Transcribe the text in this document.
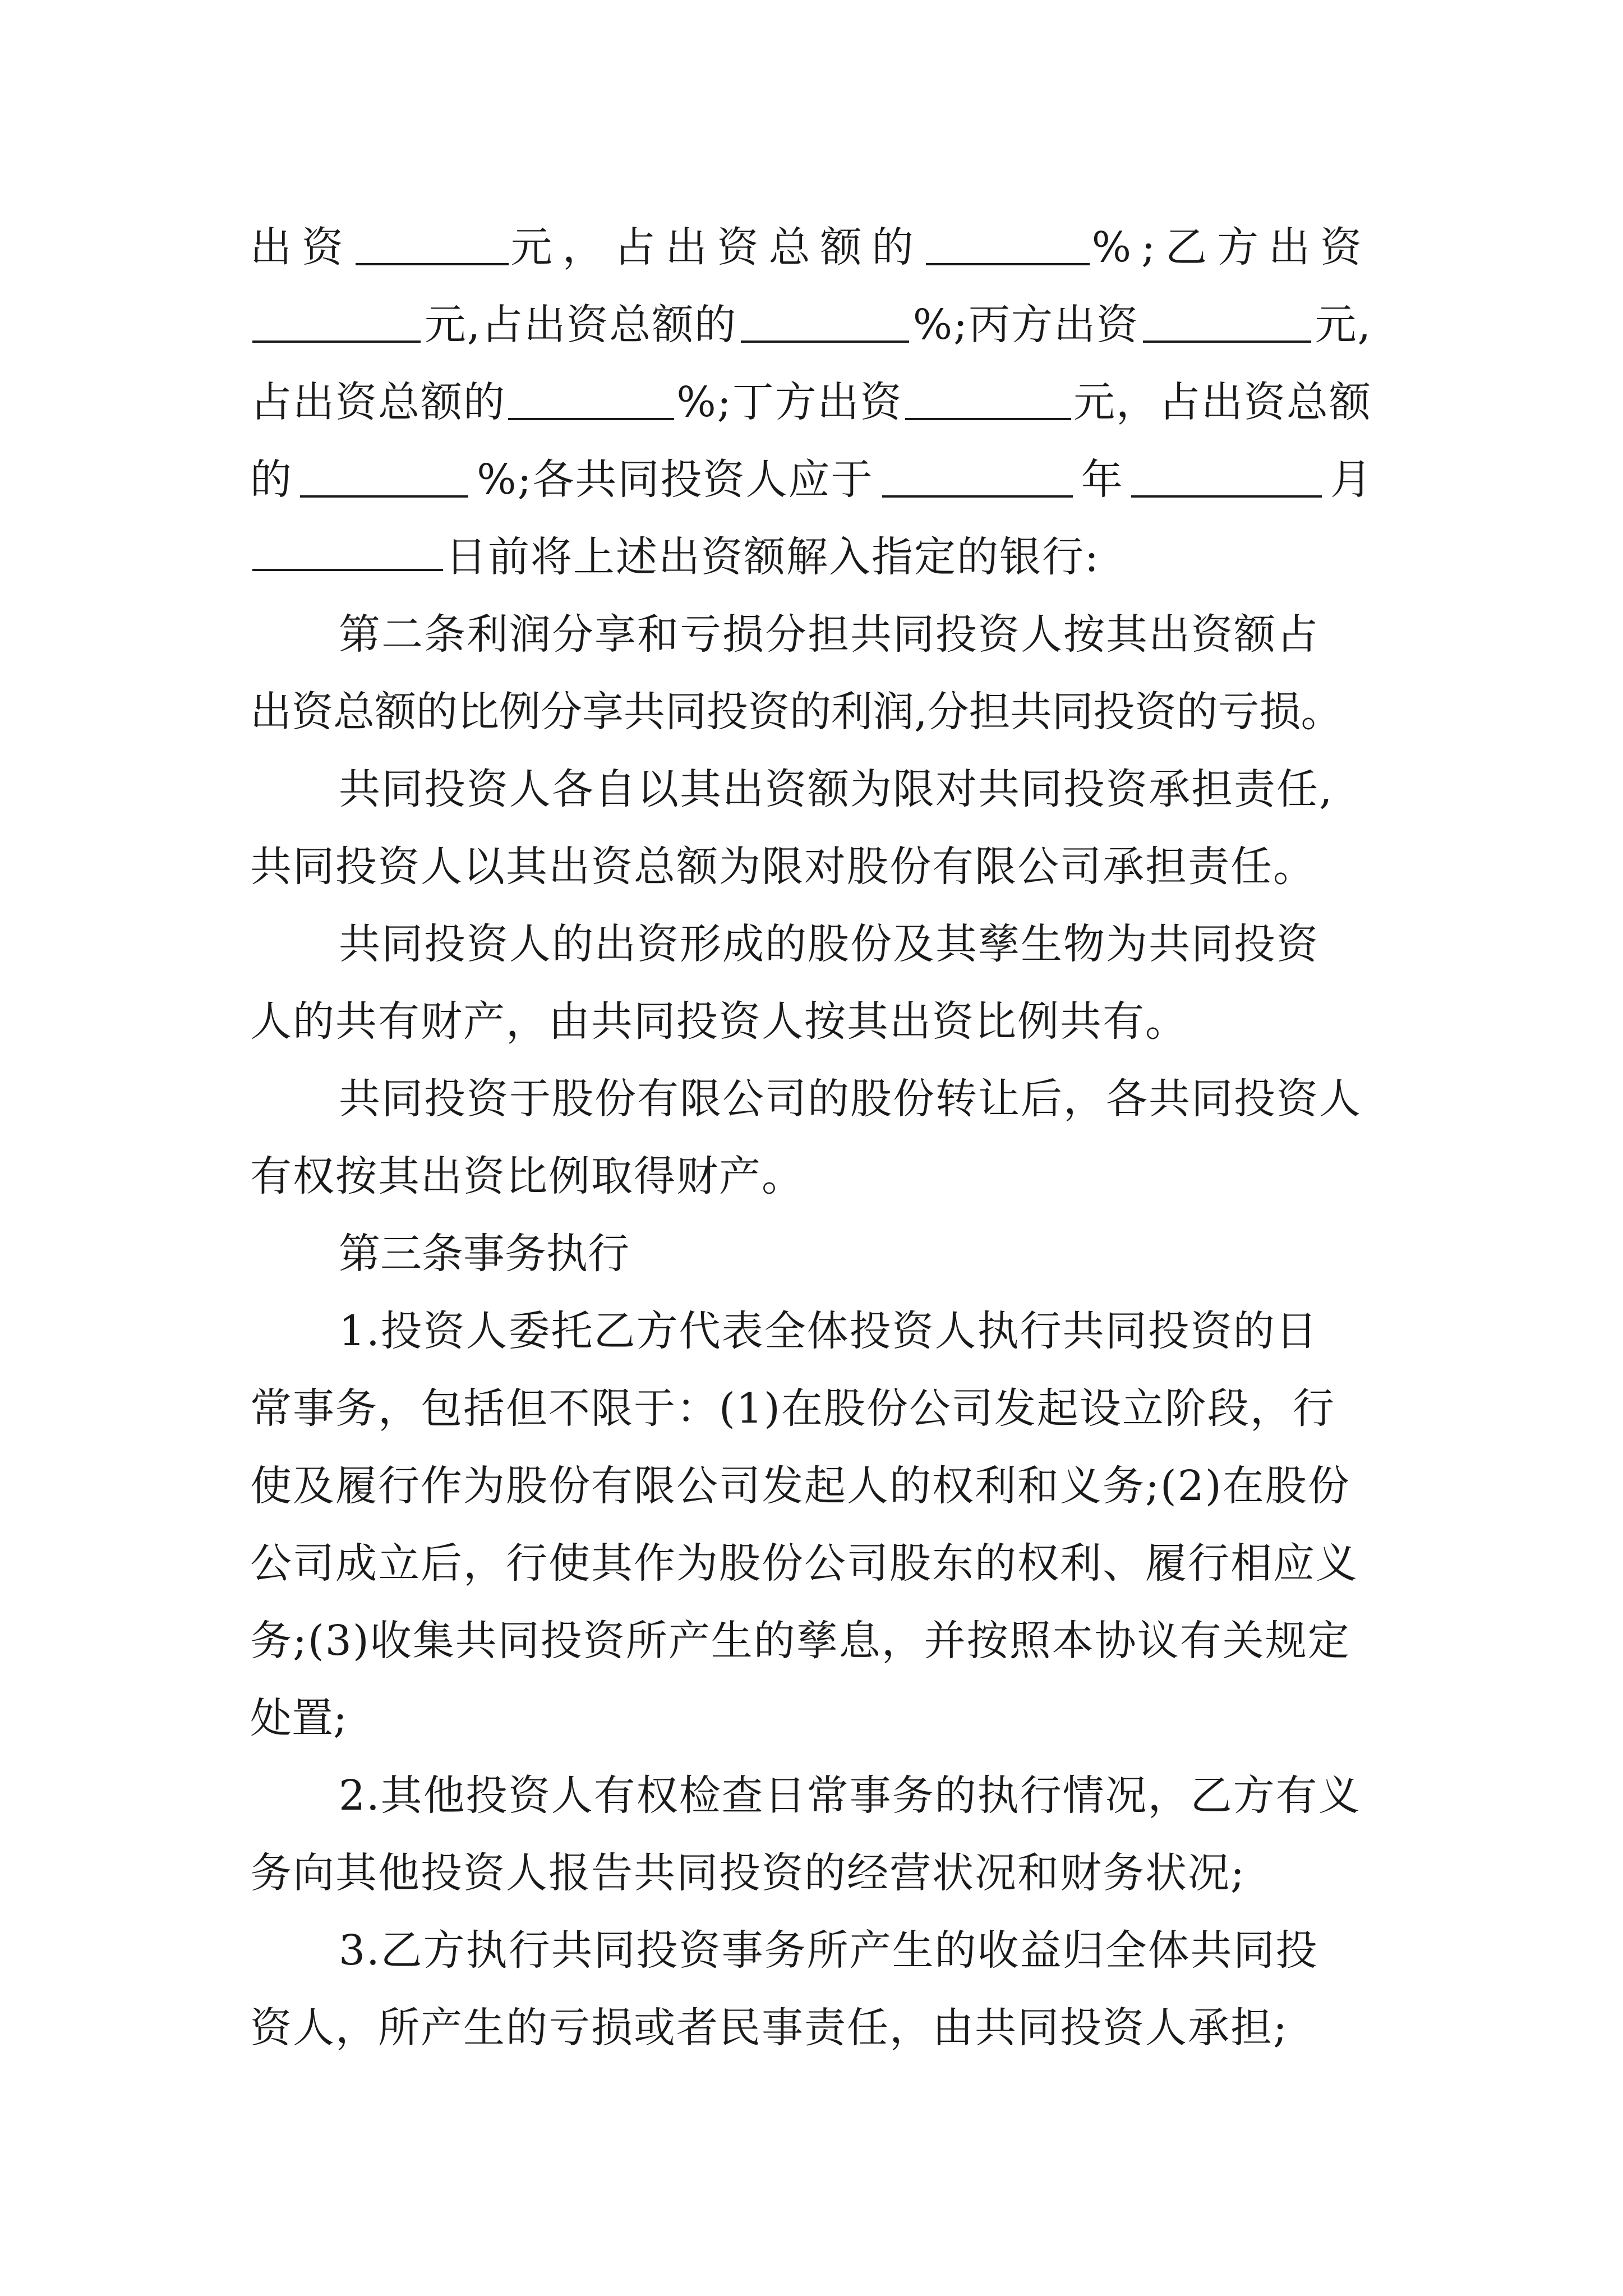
出资	元，占出资总额的	%;乙方出资
元,占出资总额的	%;丙方出资	元,
占出资总额的	%;丁方出资	元，占出资总额
的	%;各共同投资人应于	年	月
日前将上述出资额解入指定的银行:
第二条利润分享和亏损分担共同投资人按其出资额占
出资总额的比例分享共同投资的利润,分担共同投资的亏损。
共同投资人各自以其出资额为限对共同投资承担责任,
共同投资人以其出资总额为限对股份有限公司承担责任。
共同投资人的出资形成的股份及其孳生物为共同投资
人的共有财产，由共同投资人按其出资比例共有。
共同投资于股份有限公司的股份转让后，各共同投资人
有权按其出资比例取得财产。
第三条事务执行
1.投资人委托乙方代表全体投资人执行共同投资的日
常事务，包括但不限于：(1)在股份公司发起设立阶段，行
使及履行作为股份有限公司发起人的权利和义务;(2)在股份
公司成立后，行使其作为股份公司股东的权利、履行相应义
务;(3)收集共同投资所产生的孳息，并按照本协议有关规定
处置;
2.其他投资人有权检查日常事务的执行情况，乙方有义
务向其他投资人报告共同投资的经营状况和财务状况;
3.乙方执行共同投资事务所产生的收益归全体共同投
资人，所产生的亏损或者民事责任，由共同投资人承担;
